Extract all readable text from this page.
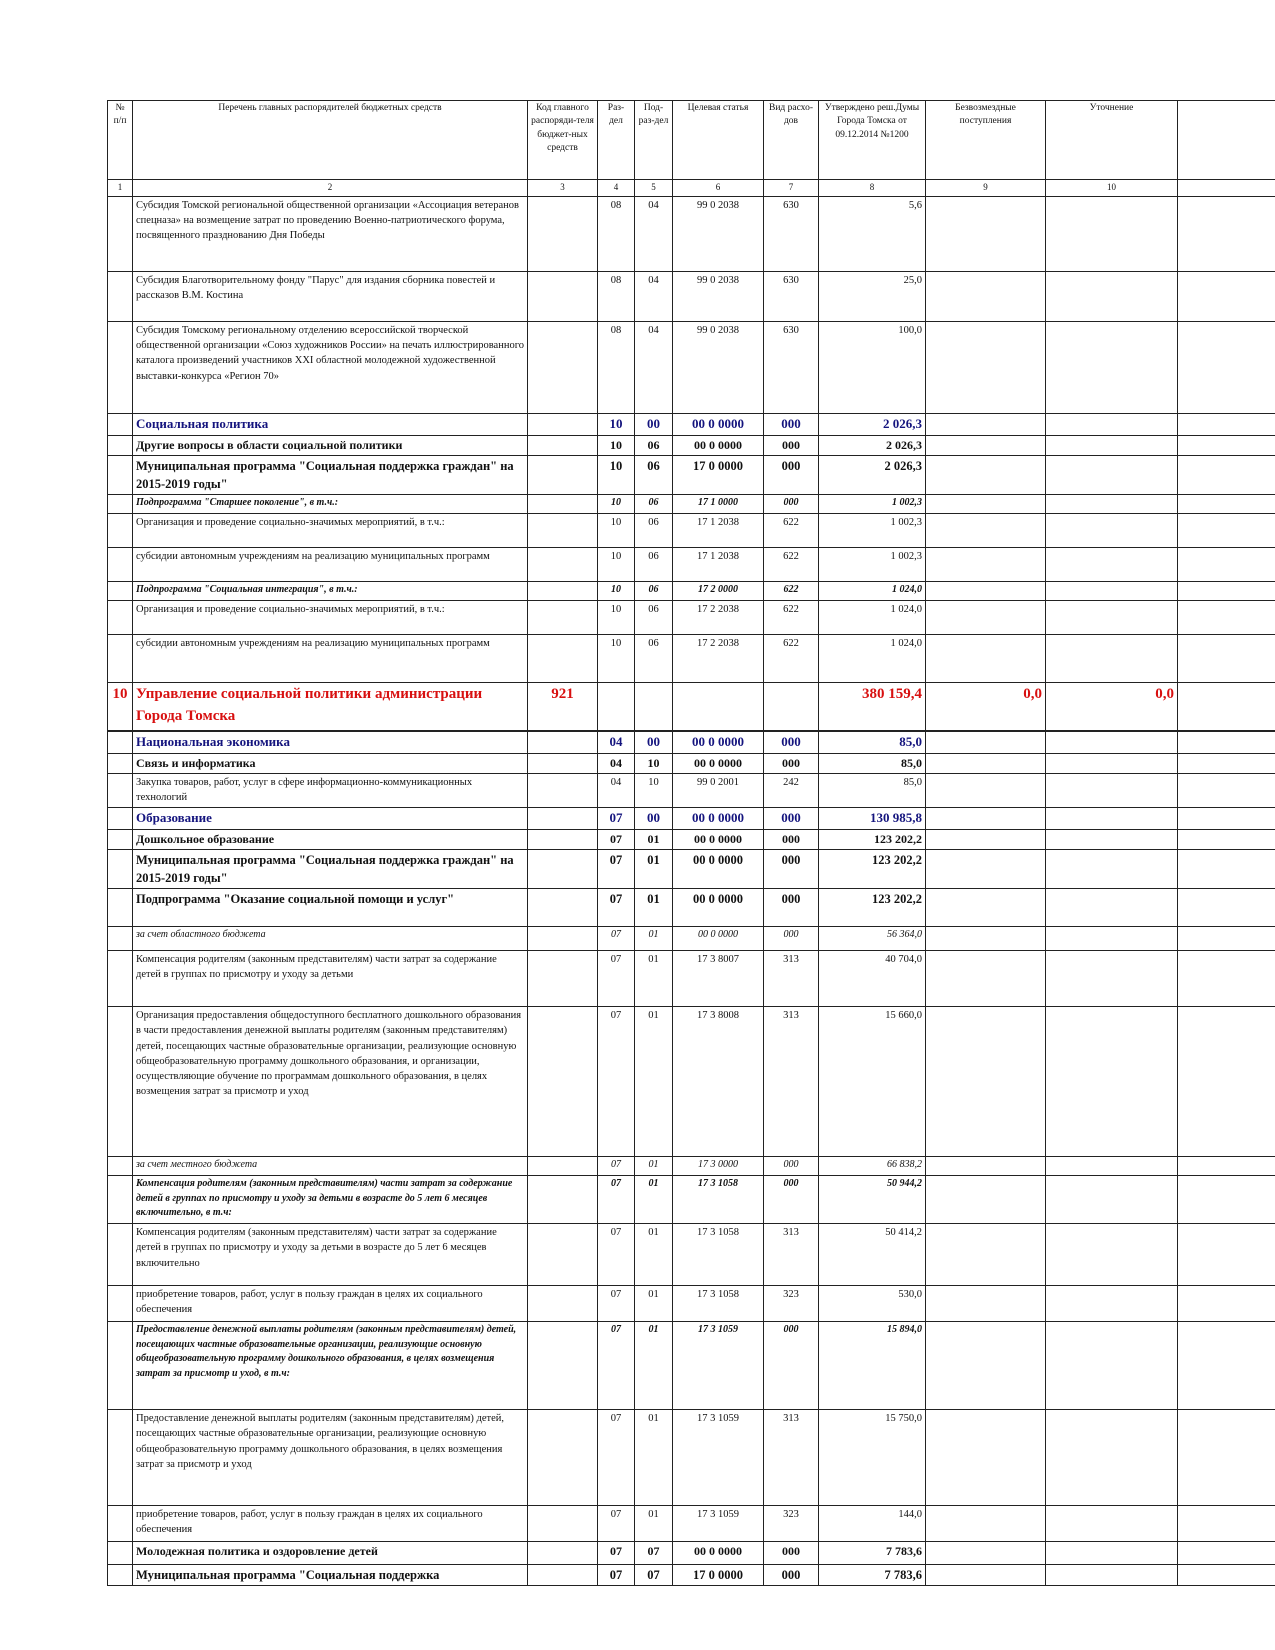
№ п/п	Перечень главных распорядителей бюджетных средств	Код главного распоряди-теля бюджет-ных средств	Раз-дел	Под-раз-дел	Целевая статья	Вид расхо-дов	Утверждено реш.Думы Города Томска от 09.12.2014 №1200	Безвозмездные поступления	Уточнение	
1	2	3	4	5	6	7	8	9	10	
	Субсидия Томской региональной общественной организации «Ассоциация ветеранов спецназа» на возмещение затрат по проведению Военно-патриотического форума, посвященного празднованию Дня Победы		08	04	99 0 2038	630	5,6			
	Субсидия Благотворительному фонду "Парус" для издания сборника повестей и рассказов В.М. Костина		08	04	99 0 2038	630	25,0			
	Субсидия Томскому региональному отделению всероссийской творческой общественной организации «Союз художников России» на печать иллюстрированного каталога произведений участников XXI областной молодежной художественной выставки-конкурса «Регион 70»		08	04	99 0 2038	630	100,0			
	Социальная политика		10	00	00 0 0000	000	2 026,3			
	Другие вопросы в области социальной политики		10	06	00 0 0000	000	2 026,3			
	Муниципальная программа "Социальная поддержка граждан" на 2015-2019 годы"		10	06	17 0 0000	000	2 026,3			
	Подпрограмма "Старшее поколение", в т.ч.:		10	06	17 1 0000	000	1 002,3			
	Организация и проведение социально-значимых мероприятий, в т.ч.:		10	06	17 1 2038	622	1 002,3			
	субсидии автономным учреждениям на реализацию муниципальных программ		10	06	17 1 2038	622	1 002,3			
	Подпрограмма "Социальная интеграция", в т.ч.:		10	06	17 2 0000	622	1 024,0			
	Организация и проведение социально-значимых мероприятий, в т.ч.:		10	06	17 2 2038	622	1 024,0			
	субсидии автономным учреждениям на реализацию муниципальных программ		10	06	17 2 2038	622	1 024,0			
10	Управление социальной политики администрации Города Томска	921					380 159,4	0,0	0,0	
	Национальная экономика		04	00	00 0 0000	000	85,0			
	Связь и информатика		04	10	00 0 0000	000	85,0			
	Закупка товаров, работ, услуг в сфере информационно-коммуникационных технологий		04	10	99 0 2001	242	85,0			
	Образование		07	00	00 0 0000	000	130 985,8			
	Дошкольное образование		07	01	00 0 0000	000	123 202,2			
	Муниципальная программа "Социальная поддержка граждан" на 2015-2019 годы"		07	01	00 0 0000	000	123 202,2			
	Подпрограмма "Оказание социальной помощи и услуг"		07	01	00 0 0000	000	123 202,2			
	за счет областного бюджета		07	01	00 0 0000	000	56 364,0			
	Компенсация родителям (законным представителям) части затрат за содержание детей в группах по присмотру и уходу за детьми		07	01	17 3 8007	313	40 704,0			
	Организация предоставления общедоступного бесплатного дошкольного образования в части предоставления денежной выплаты родителям (законным представителям) детей, посещающих частные образовательные организации, реализующие основную общеобразовательную программу дошкольного образования, и организации, осуществляющие обучение по программам дошкольного образования, в целях возмещения затрат за присмотр и уход		07	01	17 3 8008	313	15 660,0			
	за счет местного бюджета		07	01	17 3 0000	000	66 838,2			
	Компенсация родителям (законным представителям) части затрат за содержание детей в группах по присмотру и уходу за детьми в возрасте до 5 лет 6 месяцев включительно, в т.ч:		07	01	17 3 1058	000	50 944,2			
	Компенсация родителям (законным представителям) части затрат за содержание детей в группах по присмотру и уходу за детьми в возрасте до 5 лет 6 месяцев включительно		07	01	17 3 1058	313	50 414,2			
	приобретение товаров, работ, услуг в пользу граждан в целях их социального обеспечения		07	01	17 3 1058	323	530,0			
	Предоставление денежной выплаты родителям (законным представителям) детей, посещающих частные образовательные организации, реализующие основную общеобразовательную программу дошкольного образования, в целях возмещения затрат за присмотр и уход, в т.ч:		07	01	17 3 1059	000	15 894,0			
	Предоставление денежной выплаты родителям (законным представителям) детей, посещающих частные образовательные организации, реализующие основную общеобразовательную программу дошкольного образования, в целях возмещения затрат за присмотр и уход		07	01	17 3 1059	313	15 750,0			
	приобретение товаров, работ, услуг в пользу граждан в целях их социального обеспечения		07	01	17 3 1059	323	144,0			
	Молодежная политика и оздоровление детей		07	07	00 0 0000	000	7 783,6			
	Муниципальная программа "Социальная поддержка		07	07	17 0 0000	000	7 783,6			
